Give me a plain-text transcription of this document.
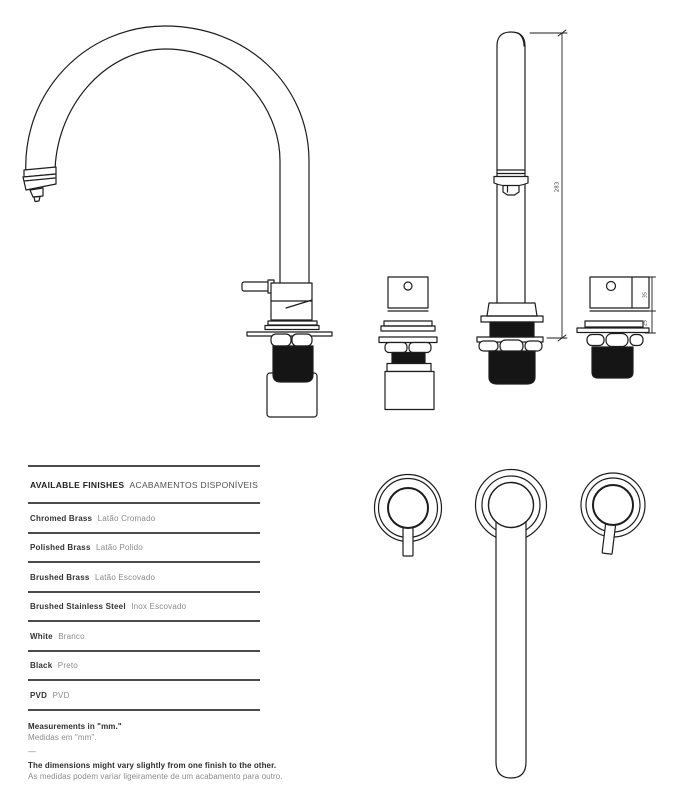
283
35
25
AVAILABLE FINISHES ACABAMENTOS DISPONÍVEIS
Chromed Brass Latão Cromado
Polished Brass Latão Polido
Brushed Brass Latão Escovado
Brushed Stainless Steel Inox Escovado
White Branco
Black Preto
PVD PVD
Measurements in "mm."
Medidas em "mm".
—
The dimensions might vary slightly from one finish to the other.
As medidas podem variar ligeiramente de um acabamento para outro.
